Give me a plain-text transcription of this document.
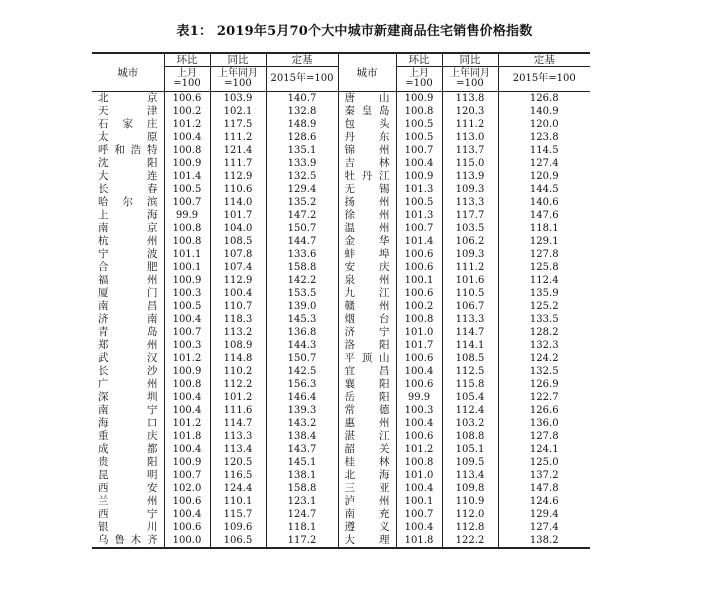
表1： 2019年5月70个大中城市新建商品住宅销售价格指数
城市	环比	同比	定基	城市	环比	同比	定基
	上月=100	上年同月=100	2015年=100		上月=100	上年同月=100	2015年=100
北京	100.6	103.9	140.7	唐山	100.9	113.8	126.8
天津	100.2	102.1	132.8	秦皇岛	100.8	120.3	140.9
石家庄	101.2	117.5	148.9	包头	100.5	111.2	120.0
太原	100.4	111.2	128.6	丹东	100.5	113.0	123.8
呼和浩特	100.8	121.4	135.1	锦州	100.7	113.7	114.5
沈阳	100.9	111.7	133.9	吉林	100.4	115.0	127.4
大连	101.4	112.9	132.5	牡丹江	100.9	113.9	120.9
长春	100.5	110.6	129.4	无锡	101.3	109.3	144.5
哈尔滨	100.7	114.0	135.2	扬州	100.5	113.3	140.6
上海	99.9	101.7	147.2	徐州	101.3	117.7	147.6
南京	100.8	104.0	150.7	温州	100.7	103.5	118.1
杭州	100.8	108.5	144.7	金华	101.4	106.2	129.1
宁波	101.1	107.8	133.6	蚌埠	100.6	109.3	127.8
合肥	100.1	107.4	158.8	安庆	100.6	111.2	125.8
福州	100.9	112.9	142.2	泉州	100.1	101.6	112.4
厦门	100.3	100.4	153.5	九江	100.6	110.5	135.9
南昌	100.5	110.7	139.0	赣州	100.2	106.7	125.2
济南	100.4	118.3	145.3	烟台	100.8	113.3	133.5
青岛	100.7	113.2	136.8	济宁	101.0	114.7	128.2
郑州	100.3	108.9	144.3	洛阳	101.7	114.1	132.3
武汉	101.2	114.8	150.7	平顶山	100.6	108.5	124.2
长沙	100.9	110.2	142.5	宜昌	100.4	112.5	132.5
广州	100.8	112.2	156.3	襄阳	100.6	115.8	126.9
深圳	100.4	101.2	146.4	岳阳	99.9	105.4	122.7
南宁	100.4	111.6	139.3	常德	100.3	112.4	126.6
海口	101.2	114.7	143.2	惠州	100.4	103.2	136.0
重庆	101.8	113.3	138.4	湛江	100.6	108.8	127.8
成都	100.4	113.4	143.7	韶关	101.2	105.1	124.1
贵阳	100.9	120.5	145.1	桂林	100.8	109.5	125.0
昆明	100.7	116.5	138.1	北海	101.0	113.4	137.2
西安	102.0	124.4	158.8	三亚	100.4	109.8	147.8
兰州	100.6	110.1	123.1	泸州	100.1	110.9	124.6
西宁	100.4	115.7	124.7	南充	100.7	112.0	129.4
银川	100.6	109.6	118.1	遵义	100.4	112.8	127.4
乌鲁木齐	100.0	106.5	117.2	大理	101.8	122.2	138.2
